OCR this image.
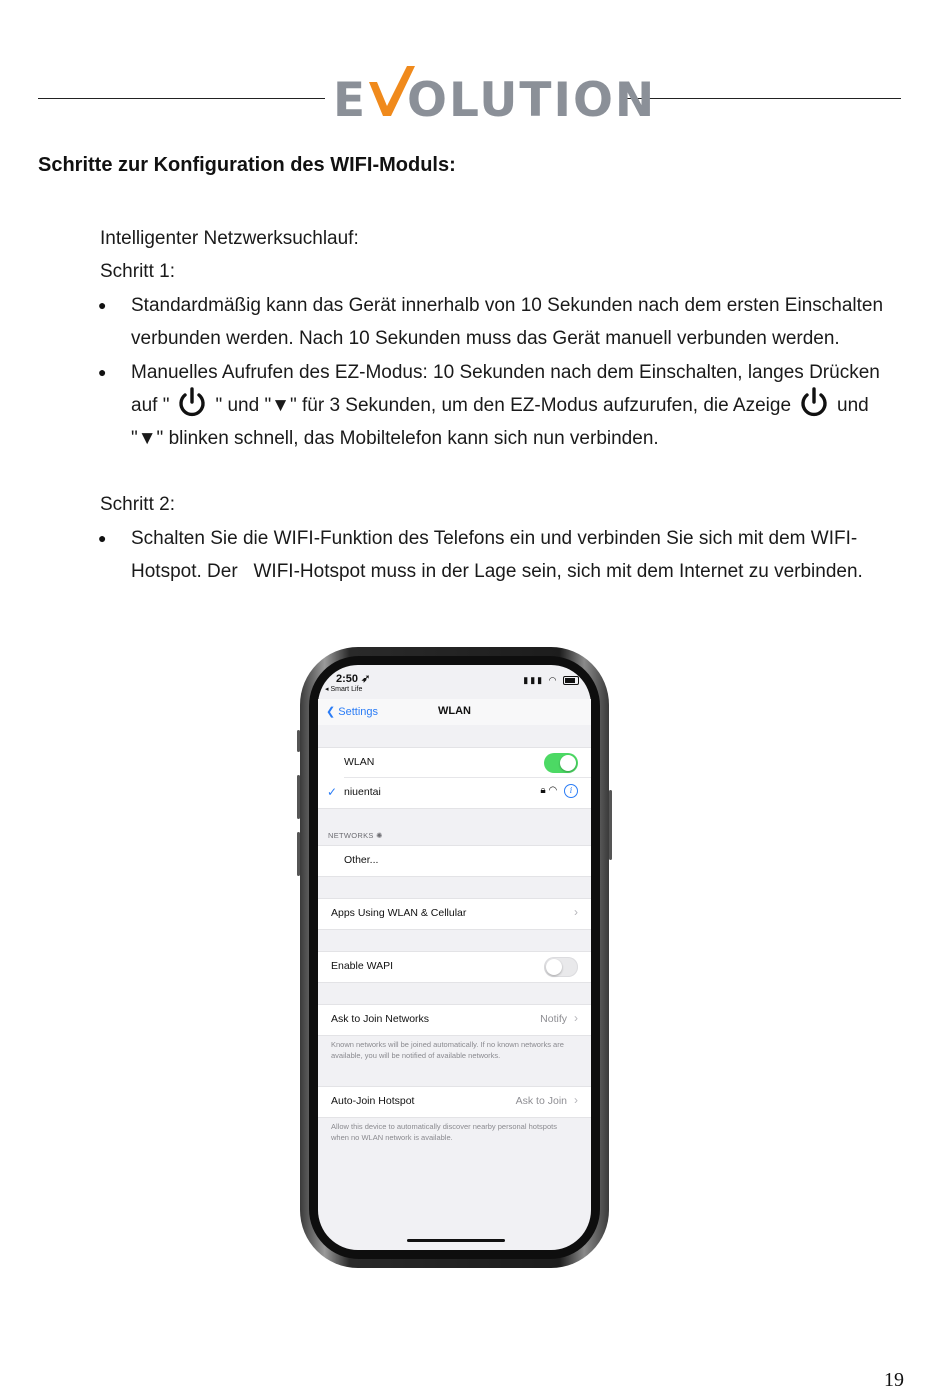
E OLUTION
Schritte zur Konfiguration des WIFI-Moduls:
Intelligenter Netzwerksuchlauf:
Schritt 1:
● Standardmäßig kann das Gerät innerhalb von 10 Sekunden nach dem ersten Einschalten
verbunden werden. Nach 10 Sekunden muss das Gerät manuell verbunden werden.
● Manuelles Aufrufen des EZ-Modus: 10 Sekunden nach dem Einschalten, langes Drücken
auf " " und "▼" für 3 Sekunden, um den EZ-Modus aufzurufen, die Azeige und
"▼" blinken schnell, das Mobiltelefon kann sich nun verbinden.
Schritt 2:
● Schalten Sie die WIFI-Funktion des Telefons ein und verbinden Sie sich mit dem WIFI-
Hotspot. Der   WIFI-Hotspot muss in der Lage sein, sich mit dem Internet zu verbinden.
2:50 ➶
◂ Smart Life
▮▮▮ ◠
❮ Settings	WLAN
WLAN
✓ niuentai	🔒︎ ◠ i
NETWORKS ✺
Other...
Apps Using WLAN & Cellular	›
Enable WAPI
Ask to Join Networks	Notify ›
Known networks will be joined automatically. If no known networks are available, you will be notified of available networks.
Auto-Join Hotspot	Ask to Join ›
Allow this device to automatically discover nearby personal hotspots when no WLAN network is available.
19
